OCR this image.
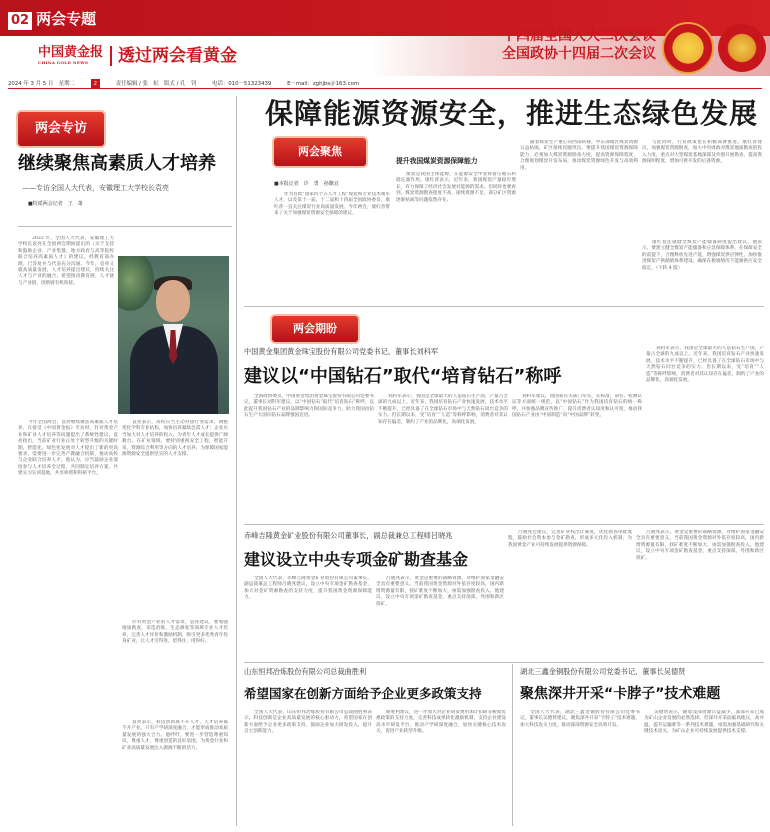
02 两会专题
中国黄金报
CHINA GOLD NEWS	透过两会看黄金
十四届全国人大二次会议
全国政协十四届二次会议
2024 年 3 月 5 日　星期二	2	责任编辑 / 张　虹　版式 / 孔　钊	电话：010－51323439	E－mail：zghjbs＠163.com
保障能源资源安全，推进生态绿色发展
两会专访
继续聚焦高素质人才培养
——专访全国人大代表，安徽理工大学校长袁亮
■特派两会记者　王　萧
2023 年，全国人大代表，安徽理工大学校长袁亮在全国两会期间提出的《关于支持和鼓励企业，产业集群，地方政府与高等院校联合培养高素质人才》的建议，经教育部办理，已答复并与代表充分沟通。今年，袁亮又就高质量发展，人才培养提出建议，持续关注人才与产业的融合，希望推动教育链，人才链与产业链，创新链有机衔接。
今年全国两会，袁亮继续聚焦高素质人才培养，在接受《中国黄金报》专访时，针对黄金产业和矿业人才培养等问题提出了系统性建议。袁亮指出，当前矿业行业正处于转型升级的关键时期，智能化，绿色化发展对人才提出了新的更高要求，需要进一步完善产教融合机制，推动高校与企业联合培养人才。他认为，应当鼓励企业深度参与人才培养全过程，共同制定培养方案，共建实习实训基地，共享师资和科研平台。
袁亮表示，高校应当主动对接行业需求，调整优化学科专业结构，加快培养紧缺急需人才；企业应当加大对人才培养的投入，为青年人才成长提供广阔舞台。在矿业领域，要特别重视安全工程，智能开采，资源综合利用等方向的人才培养，为保障国家能源资源安全提供坚实的人才支撑。
针对黄金产业的人才需求，袁亮建议，要加强地质勘查，采选冶炼，生态修复等领域专业人才培养，完善人才评价和激励机制，吸引更多优秀青年投身矿业，让人才引得进，留得住，用得好。
袁亮表示，科技创新离不开人才，人才培养离不开产业。只有产学研深度融合，才能形成推动高质量发展的强大合力。他呼吁，要进一步营造尊重知识，尊重人才，尊重创造的良好氛围，为黄金行业和矿业高质量发展注入源源不断的活力。
两会聚焦
■本报记者　许　勇　孙飘宜
提升我国煤炭资源保障能力
作为首批“国家四个五人才工程”煤炭和专业技术领军人才，以及第十一届，十二届和十四届全国政协委员，康红普一直关注煤炭行业高质量发展。今年两会，康红普带来了关于加强煤炭资源安全保障的建议。
煤炭是我国主体能源，在能源安全中发挥着压舱石和稳定器作用。康红普表示，近年来，我国煤炭产量稳步增长，有力保障了经济社会发展对能源的需求。但同时也要看到，煤炭资源勘查程度不高，接续资源不足，部分矿区资源逐渐枯竭等问题依然存在。
随着煤炭生产重心向西部转移，中东部地区煤炭资源日益枯竭，矿区接续问题突出。要提升我国煤炭资源保障能力，必须加大煤炭资源勘查力度，提高资源保障程度，合理规划煤炭开发布局，推动煤炭资源绿色开发与高效利用。
与此同时，行业政策也在积极部署推进。康红普建议，加强煤炭资源勘查，加大中央财政对煤炭地质勘查的投入力度，重点对大型煤炭基地深部及外围开展勘查，提高资源探明程度，增加可供开发的后备资源。
康红普还就健全煤炭产能储备制度提出建议。他表示，要建立健全煤炭产能储备和应急保障体系，在保障安全的前提下，合理释放先进产能，增强煤炭供应弹性，加快推进煤炭产供储销体系建设，确保在极端情况下能源供应安全稳定。（下转 4 版）
两会期盼
中国黄金集团黄金珠宝股份有限公司党委书记、董事长刘科军
建议以“中国钻石”取代“培育钻石”称呼
全国政协委员，中国黄金集团黄金珠宝股份有限公司党委书记，董事长刘科军建议，以“中国钻石”取代“培育钻石”称呼，以此提升我国钻石产业的品牌影响力和国际竞争力，助力我国由钻石生产大国向钻石品牌强国迈进。
刘科军表示，我国是全球最大的人造钻石生产国，产量占全球的九成以上。近年来，我国培育钻石产业快速发展，技术水平不断提升，已经具备了在全球钻石市场中与天然钻石同台竞争的实力。但长期以来，受“培育”“人造”等称呼影响，消费者对其认知存在偏差，制约了产业的品牌化，高端化发展。
刘科军建议，由国家有关部门牵头，在标准，命名，检测认证等方面统一规范，以“中国钻石”作为我国培育钻石的统一称呼，并加强品牌宣传推广，提升消费者认知度和认可度，推动我国钻石产业由“中国制造”向“中国品牌”转变。
刘科军表示，我国是全球最大的人造钻石生产国，产量占全球的九成以上。近年来，我国培育钻石产业快速发展，技术水平不断提升，已经具备了在全球钻石市场中与天然钻石同台竞争的实力。但长期以来，受“培育”“人造”等称呼影响，消费者对其认知存在偏差，制约了产业的品牌化，高端化发展。
赤峰吉隆黄金矿业股份有限公司董事长，副总裁兼总工程师吕晓兆
建议设立中央专项金矿勘查基金
全国人大代表，赤峰吉隆黄金矿业股份有限公司董事长，副总裁兼总工程师吕晓兆建议，设立中央专项金矿勘查基金，加大对金矿资源勘查的支持力度，提升我国黄金资源保障能力。
吕晓兆表示，黄金是重要的战略资源，对维护国家金融安全具有重要意义。当前我国黄金资源对外依存度较高，国内新增资源量有限，找矿难度不断加大，亟需加强勘查投入。他建议，设立中央专项金矿勘查基金，重点支持深部，外围和新区找矿。
吕晓兆还建议，完善矿业权出让制度，优化勘查审批流程，鼓励社会资本参与金矿勘查，形成多元化投入机制，为我国黄金产业可持续发展提供资源保障。
吕晓兆表示，黄金是重要的战略资源，对维护国家金融安全具有重要意义。当前我国黄金资源对外依存度较高，国内新增资源量有限，找矿难度不断加大，亟需加强勘查投入。他建议，设立中央专项金矿勘查基金，重点支持深部，外围和新区找矿。
山东恒邦冶炼股份有限公司总裁曲胜利
希望国家在创新方面给予企业更多政策支持
全国人大代表，山东恒邦冶炼股份有限公司总裁曲胜利表示，科技创新是企业高质量发展的核心驱动力，希望国家在创新方面给予企业更多政策支持，鼓励企业加大研发投入，提升自主创新能力。
曲胜利建议，进一步加大对企业研发费用加计扣除等税收优惠政策的支持力度，完善科技成果转化激励机制，支持企业建设高水平研发平台，推动产学研深度融合，加快关键核心技术攻关，促进产业转型升级。
湖北三鑫金铜股份有限公司党委书记、董事长吴德贤
聚焦深井开采“卡脖子”技术难题
全国人大代表，湖北三鑫金铜股份有限公司党委书记，董事长吴德贤建议，聚焦深井开采“卡脖子”技术难题，加大科技攻关力度，推动深部资源安全高效开发。
吴德贤表示，随着浅部资源日益减少，深部开采已成为矿山企业发展的必然选择。但深井开采面临高地压，高井温，提升运输难等一系列技术难题，亟需加强基础研究和关键技术攻关，为矿山企业可持续发展提供技术支撑。
